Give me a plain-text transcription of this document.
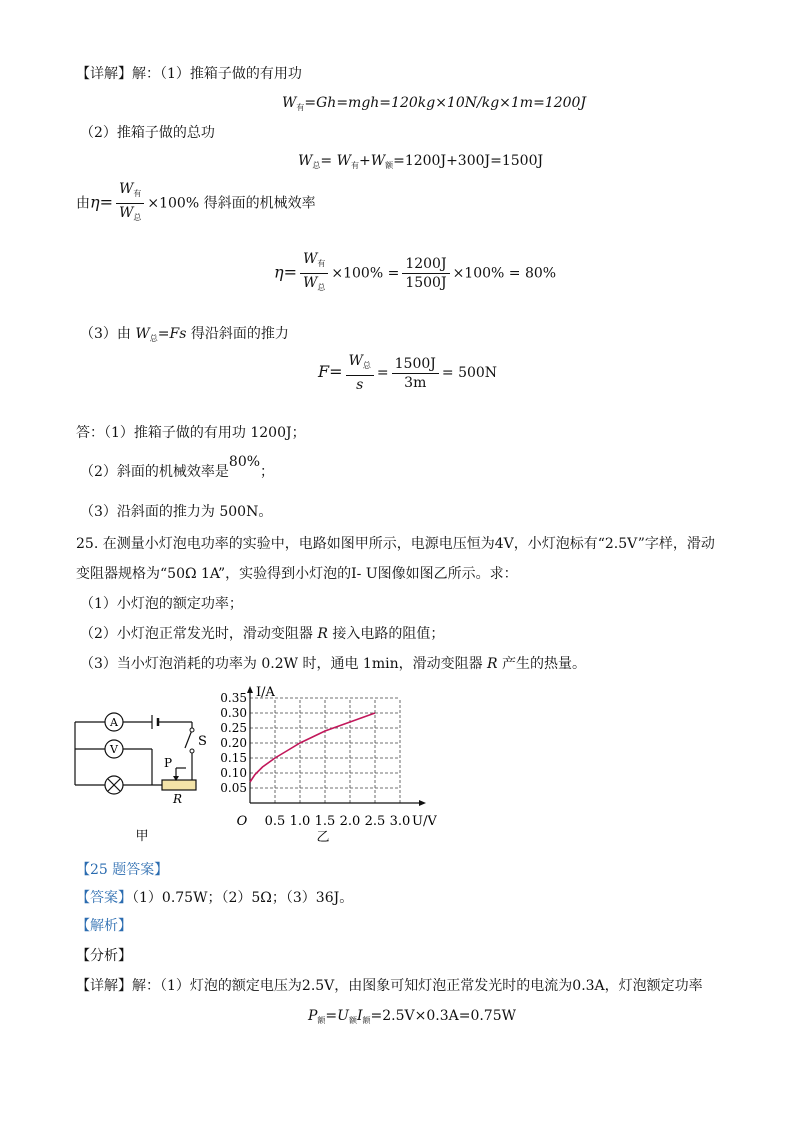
【详解】解：（1）推箱子做的有用功
$W_有=Gh=mgh=120kg\times 10N/kg\times 1m=1200J$
（2）推箱子做的总功
$W_总= W_有+W_额=1200J+300J=1500J$
由$\eta= \frac{W_有}{W_总} \times 100\%$ 得斜面的机械效率
$\eta= \frac{W_有}{W_总} \times 100\% = \frac{1200J}{1500J} \times 100\% = 80\%$
（3）由 $W_总=Fs$ 得沿斜面的推力
$F= \frac{W_总}{s} = \frac{1500J}{3m} = 500N$
答：（1）推箱子做的有用功 1200J；
（2）斜面的机械效率是80%；
（3）沿斜面的推力为 500N。
25. 在测量小灯泡电功率的实验中，电路如图甲所示，电源电压恒为4V，小灯泡标有“2.5V”字样，滑动
变阻器规格为“50Ω 1A”，实验得到小灯泡的I- U图像如图乙所示。求：
（1）小灯泡的额定功率；
（2）小灯泡正常发光时，滑动变阻器 R 接入电路的阻值；
（3）当小灯泡消耗的功率为 0.2W 时，通电 1min，滑动变阻器 R 产生的热量。
A
V
S
P
R
甲
0.5 1.0 1.5 2.0 2.5 3.0
0.05
0.10
0.15
0.20
0.25
0.30
0.35
O
I/A
U/V
乙
【25 题答案】
【答案】（1）0.75W；（2）5Ω；（3）36J。
【解析】
【分析】
【详解】解：（1）灯泡的额定电压为2.5V，由图象可知灯泡正常发光时的电流为0.3A，灯泡额定功率
$P_额=U_额I_额=2.5V\times 0.3A=0.75W$
